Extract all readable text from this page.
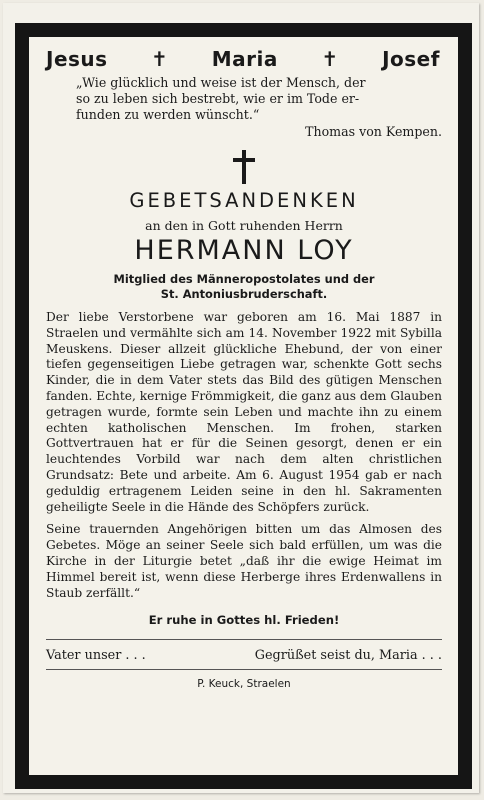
Jesus ✝ Maria ✝ Josef
„Wie glücklich und weise ist der Mensch, der
so zu leben sich bestrebt, wie er im Tode er-
funden zu werden wünscht.“
Thomas von Kempen.
GEBETSANDENKEN
an den in Gott ruhenden Herrn
HERMANN LOY
Mitglied des Männeropostolates und der
St. Antoniusbruderschaft.
Der liebe Verstorbene war geboren am 16. Mai 1887 in Straelen und vermählte sich am 14. November 1922 mit Sybilla Meuskens. Dieser allzeit glückliche Ehebund, der von einer tiefen gegenseitigen Liebe getragen war, schenkte Gott sechs Kinder, die in dem Vater stets das Bild des gütigen Menschen fanden. Echte, kernige Frömmigkeit, die ganz aus dem Glauben getragen wurde, formte sein Leben und machte ihn zu einem echten katholischen Menschen. Im frohen, starken Gottvertrauen hat er für die Seinen gesorgt, denen er ein leuchtendes Vorbild war nach dem alten christlichen Grundsatz: Bete und arbeite. Am 6. August 1954 gab er nach geduldig ertragenem Leiden seine in den hl. Sakramenten geheiligte Seele in die Hände des Schöpfers zurück.
Seine trauernden Angehörigen bitten um das Almosen des Gebetes. Möge an seiner Seele sich bald erfüllen, um was die Kirche in der Liturgie betet „daß ihr die ewige Heimat im Himmel bereit ist, wenn diese Herberge ihres Erdenwallens in Staub zerfällt.“
Er ruhe in Gottes hl. Frieden!
Vater unser . . .	Gegrüßet seist du, Maria . . .
P. Keuck, Straelen
